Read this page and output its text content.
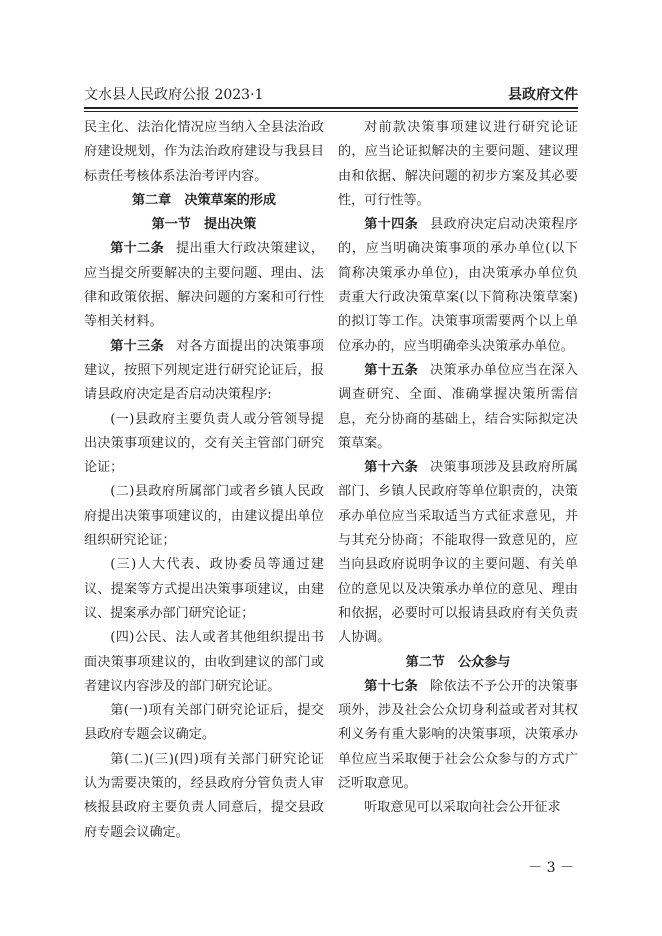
文水县人民政府公报 2023·1	县政府文件

民主化、法治化情况应当纳入全县法治政府建设规划，作为法治政府建设与我县目标责任考核体系法治考评内容。

第二章　决策草案的形成
第一节　提出决策

第十二条 提出重大行政决策建议，应当提交所要解决的主要问题、理由、法律和政策依据、解决问题的方案和可行性等相关材料。

第十三条 对各方面提出的决策事项建议，按照下列规定进行研究论证后，报请县政府决定是否启动决策程序:

(一)县政府主要负责人或分管领导提出决策事项建议的，交有关主管部门研究论证；

(二)县政府所属部门或者乡镇人民政府提出决策事项建议的，由建议提出单位组织研究论证；

(三)人大代表、政协委员等通过建议、提案等方式提出决策事项建议，由建议、提案承办部门研究论证；

(四)公民、法人或者其他组织提出书面决策事项建议的，由收到建议的部门或者建议内容涉及的部门研究论证。

第(一)项有关部门研究论证后，提交县政府专题会议确定。

第(二)(三)(四)项有关部门研究论证认为需要决策的，经县政府分管负责人审核报县政府主要负责人同意后，提交县政府专题会议确定。

对前款决策事项建议进行研究论证的，应当论证拟解决的主要问题、建议理由和依据、解决问题的初步方案及其必要性，可行性等。

第十四条 县政府决定启动决策程序的，应当明确决策事项的承办单位(以下简称决策承办单位)，由决策承办单位负责重大行政决策草案(以下简称决策草案)的拟订等工作。决策事项需要两个以上单位承办的，应当明确牵头决策承办单位。

第十五条 决策承办单位应当在深入调查研究、全面、准确掌握决策所需信息，充分协商的基础上，结合实际拟定决策草案。

第十六条 决策事项涉及县政府所属部门、乡镇人民政府等单位职责的，决策承办单位应当采取适当方式征求意见，并与其充分协商；不能取得一致意见的，应当向县政府说明争议的主要问题、有关单位的意见以及决策承办单位的意见、理由和依据，必要时可以报请县政府有关负责人协调。

第二节　公众参与

第十七条 除依法不予公开的决策事项外，涉及社会公众切身利益或者对其权利义务有重大影响的决策事项，决策承办单位应当采取便于社会公众参与的方式广泛听取意见。

听取意见可以采取向社会公开征求

－ 3 －
